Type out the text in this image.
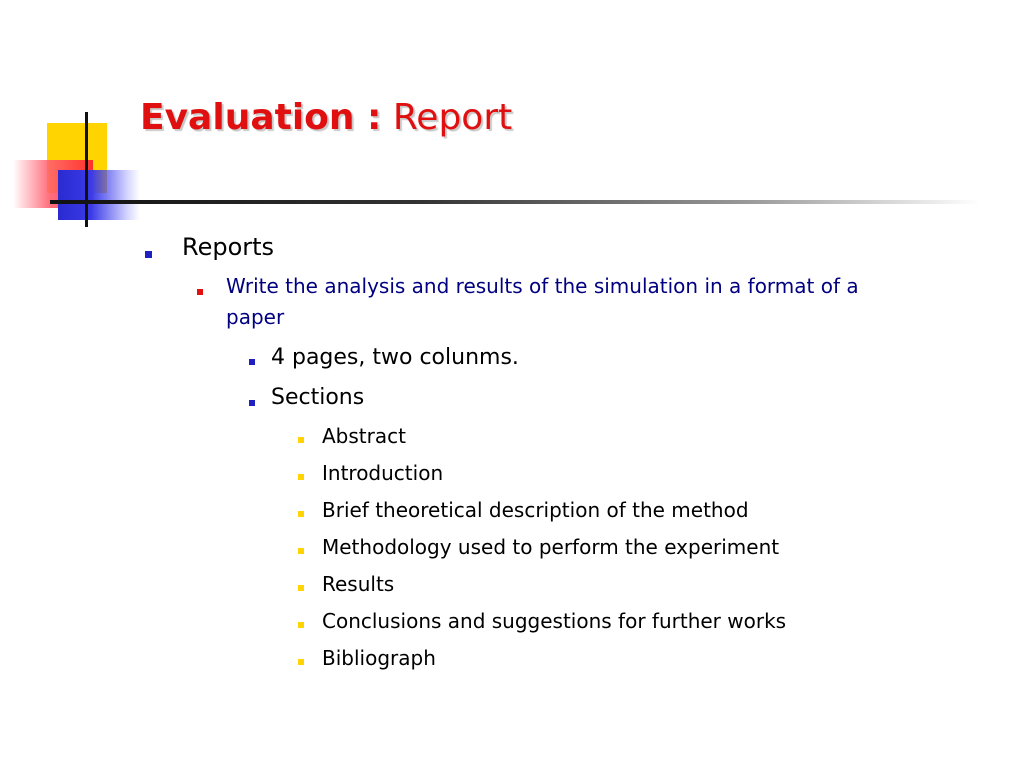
Evaluation : Report

Reports

Write the analysis and results of the simulation in a format of a

paper

4 pages, two colunms.

Sections

Abstract

Introduction

Brief theoretical description of the method

Methodology used to perform the experiment

Results

Conclusions and suggestions for further works

Bibliograph
